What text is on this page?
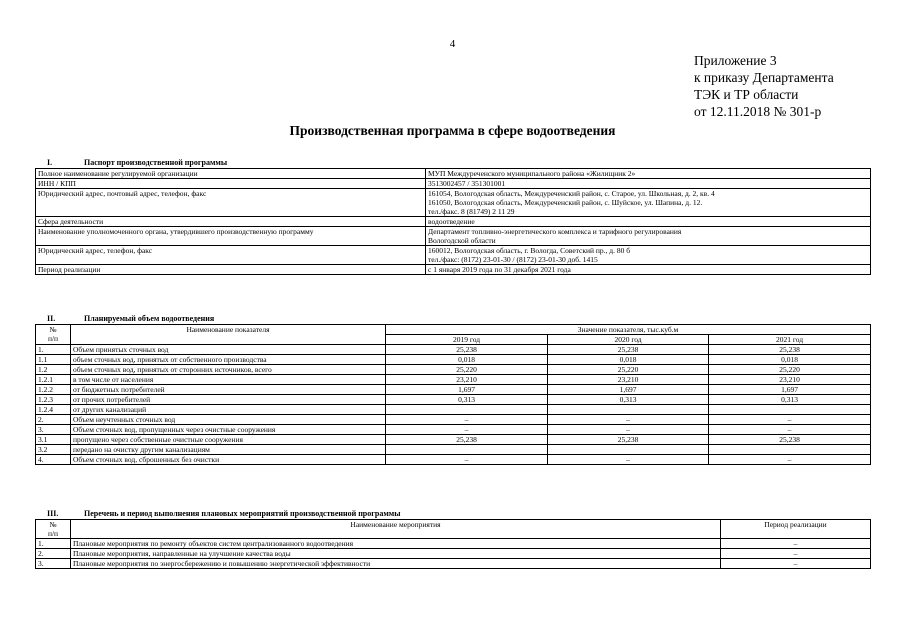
4
Приложение 3
к приказу Департамента
ТЭК и ТР области
от 12.11.2018 № 301-р
Производственная программа в сфере водоотведения
I.	Паспорт производственной программы
Полное наименование регулируемой организации	МУП Междуреченского муниципального района «Жилищник 2»
ИНН / КПП	3513002457 / 351301001
Юридический адрес, почтовый адрес, телефон, факс	161054, Вологодская область, Междуреченский район, с. Старое, ул. Школьная, д. 2, кв. 4
161050, Вологодская область, Междуреченский район, с. Шуйское, ул. Шапина, д. 12.
тел./факс. 8 (81749) 2 11 29

Сфера деятельности	водоотведение
Наименование уполномоченного органа, утвердившего производственную программу	Департамент топливно-энергетического комплекса и тарифного регулирования
Вологодской области

Юридический адрес, телефон, факс	160012, Вологодская область, г. Вологда, Советский пр., д. 80 б
тел./факс: (8172) 23-01-30 / (8172) 23-01-30 доб. 1415

Период реализации	с 1 января 2019 года по 31 декабря 2021 года
II.	Планируемый объем водоотведения
№
п/п	Наименование показателя	Значение показателя, тыс.куб.м		
		2019 год	2020 год	2021 год
1.	Объем принятых сточных вод	25,238	25,238	25,238
1.1	объем сточных вод, принятых от собственного производства	0,018	0,018	0,018
1.2	объем сточных вод, принятых от сторонних источников, всего	25,220	25,220	25,220
1.2.1	в том числе от населения	23,210	23,210	23,210
1.2.2	от бюджетных потребителей	1,697	1,697	1,697
1.2.3	от прочих потребителей	0,313	0,313	0,313
1.2.4	от других канализаций			
2.	Объем неучтенных сточных вод	–	–	–
3.	Объем сточных вод, пропущенных через очистные сооружения	–	–	–
3.1	пропущено через собственные очистные сооружения	25,238	25,238	25,238
3.2	передано на очистку другим канализациям			
4.	Объем сточных вод, сброшенных без очистки	–	–	–
III.	Перечень и период выполнения плановых мероприятий производственной программы
№
п/п	Наименование мероприятия	Период реализации
1.	Плановые мероприятия по ремонту объектов систем централизованного водоотведения	–
2.	Плановые мероприятия, направленные на улучшение качества воды	–
3.	Плановые мероприятия по энергосбережению и повышению энергетической эффективности	–
